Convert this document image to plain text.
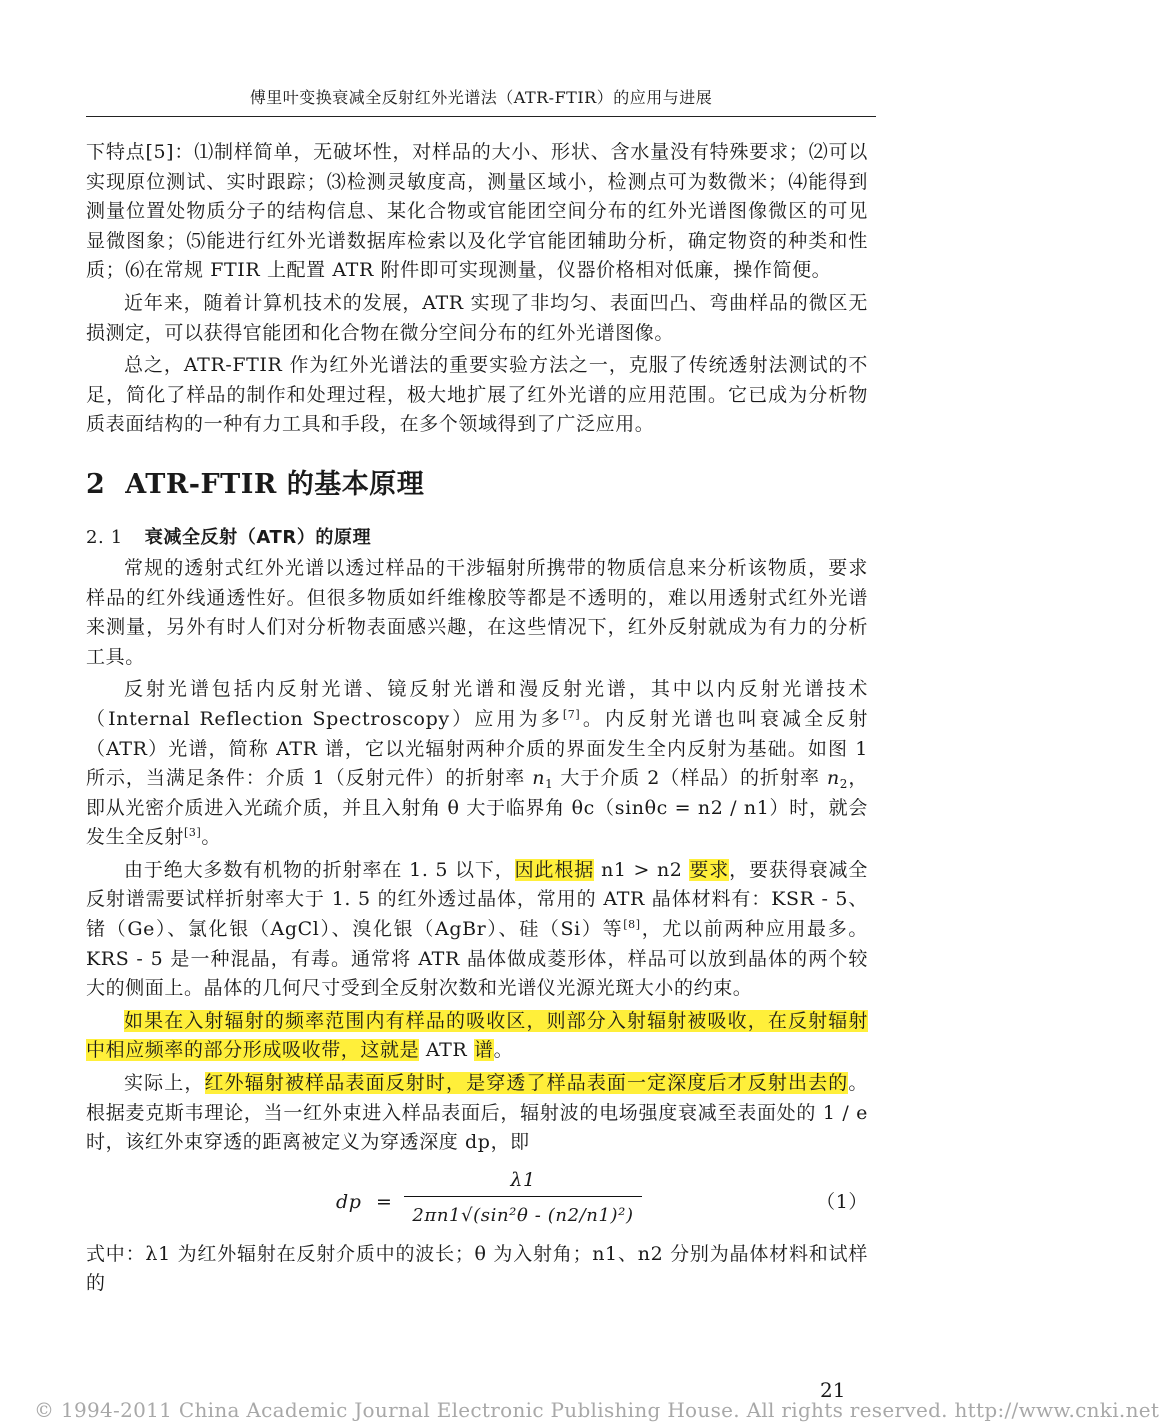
傅里叶变换衰减全反射红外光谱法（ATR-FTIR）的应用与进展

下特点[5]：⑴制样简单，无破坏性，对样品的大小、形状、含水量没有特殊要求；⑵可以实现原位测试、实时跟踪；⑶检测灵敏度高，测量区域小，检测点可为数微米；⑷能得到测量位置处物质分子的结构信息、某化合物或官能团空间分布的红外光谱图像微区的可见显微图象；⑸能进行红外光谱数据库检索以及化学官能团辅助分析，确定物资的种类和性质；⑹在常规 FTIR 上配置 ATR 附件即可实现测量，仪器价格相对低廉，操作简便。

近年来，随着计算机技术的发展，ATR 实现了非均匀、表面凹凸、弯曲样品的微区无损测定，可以获得官能团和化合物在微分空间分布的红外光谱图像。

总之，ATR-FTIR 作为红外光谱法的重要实验方法之一，克服了传统透射法测试的不足，简化了样品的制作和处理过程，极大地扩展了红外光谱的应用范围。它已成为分析物质表面结构的一种有力工具和手段，在多个领域得到了广泛应用。

2 ATR-FTIR 的基本原理
2. 1 衰减全反射（ATR）的原理

常规的透射式红外光谱以透过样品的干涉辐射所携带的物质信息来分析该物质，要求样品的红外线通透性好。但很多物质如纤维橡胶等都是不透明的，难以用透射式红外光谱来测量，另外有时人们对分析物表面感兴趣，在这些情况下，红外反射就成为有力的分析工具。

反射光谱包括内反射光谱、镜反射光谱和漫反射光谱，其中以内反射光谱技术（Internal Reflection Spectroscopy）应用为多[7]。内反射光谱也叫衰减全反射（ATR）光谱，简称 ATR 谱，它以光辐射两种介质的界面发生全内反射为基础。如图 1 所示，当满足条件：介质 1（反射元件）的折射率 $n_1$ 大于介质 2（样品）的折射率 $n_2$，即从光密介质进入光疏介质，并且入射角 θ 大于临界角 θc（sinθc = n2 / n1）时，就会发生全反射[3]。

由于绝大多数有机物的折射率在 1. 5 以下，因此根据 n1 > n2 要求，要获得衰减全反射谱需要试样折射率大于 1. 5 的红外透过晶体，常用的 ATR 晶体材料有：KSR - 5、锗（Ge）、氯化银（AgCl）、溴化银（AgBr）、硅（Si）等[8]，尤以前两种应用最多。KRS - 5 是一种混晶，有毒。通常将 ATR 晶体做成菱形体，样品可以放到晶体的两个较大的侧面上。晶体的几何尺寸受到全反射次数和光谱仪光源光斑大小的约束。

如果在入射辐射的频率范围内有样品的吸收区，则部分入射辐射被吸收，在反射辐射中相应频率的部分形成吸收带，这就是 ATR 谱。

实际上，红外辐射被样品表面反射时，是穿透了样品表面一定深度后才反射出去的。根据麦克斯韦理论，当一红外束进入样品表面后，辐射波的电场强度衰减至表面处的 1 / e 时，该红外束穿透的距离被定义为穿透深度 dp，即

dp =
λ1
2πn1√(sin²θ - (n2/n1)²)
（1）

式中：λ1 为红外辐射在反射介质中的波长；θ 为入射角；n1、n2 分别为晶体材料和试样的

21
© 1994-2011 China Academic Journal Electronic Publishing House. All rights reserved. http://www.cnki.net
